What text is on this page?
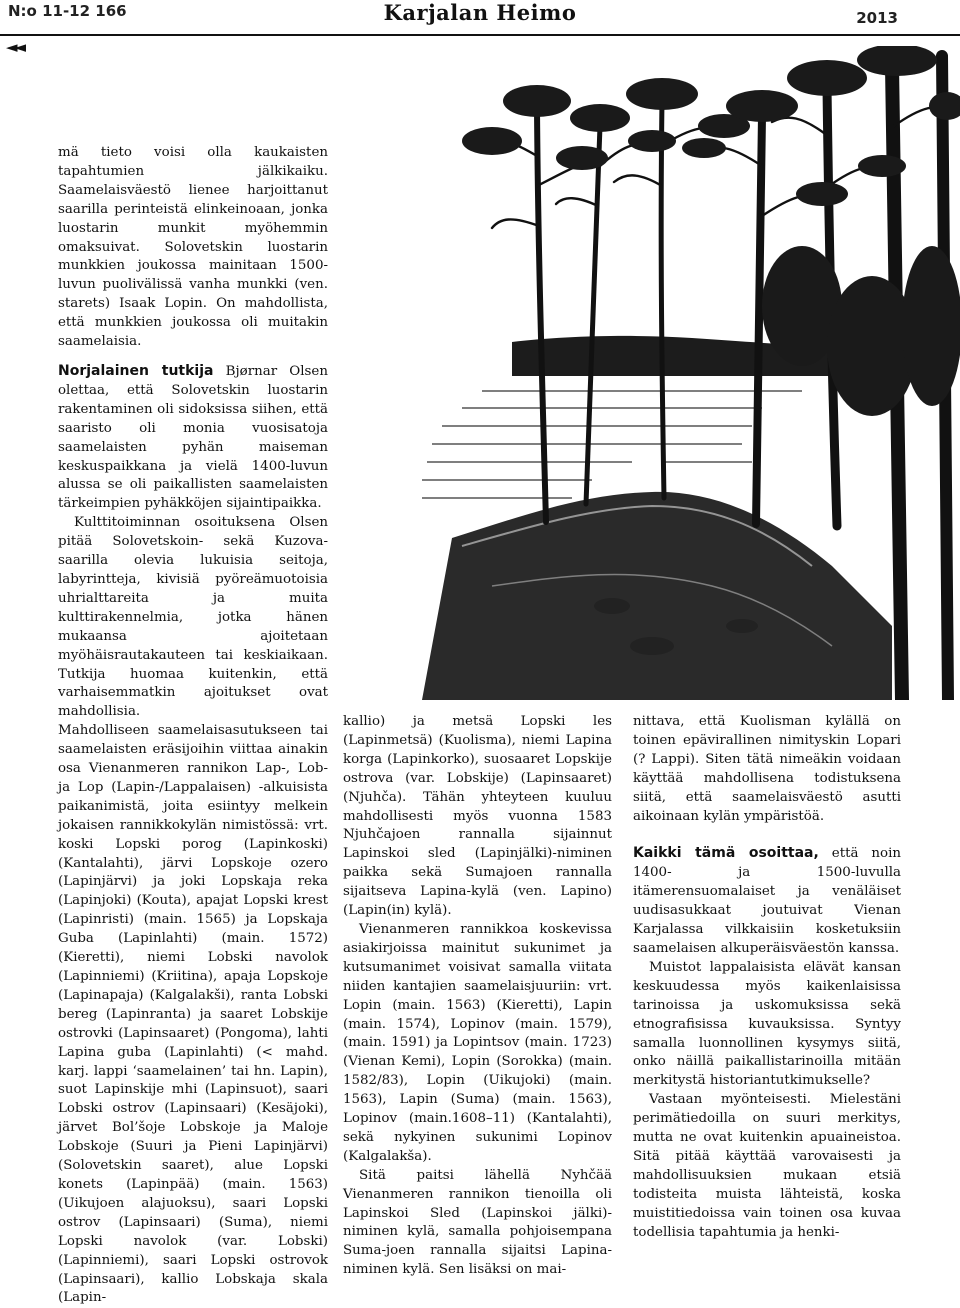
N:o 11-12 166	Karjalan Heimo	2013
◄◄

mä tieto voisi olla kaukaisten tapahtumien jälkikaiku. Saamelaisväestö lienee harjoittanut saarilla perinteistä elinkeinoaan, jonka luostarin munkit myöhemmin omaksuivat. Solovetskin luostarin munkkien joukossa mainitaan 1500-luvun puolivälissä vanha munkki (ven. starets) Isaak Lopin. On mahdollista, että munkkien joukossa oli muitakin saamelaisia.

Norjalainen tutkija Bjørnar Olsen olettaa, että Solovetskin luostarin rakentaminen oli sidoksissa siihen, että saaristo oli monia vuosisatoja saamelaisten pyhän maiseman keskuspaikkana ja vielä 1400-luvun alussa se oli paikallisten saamelaisten tärkeimpien pyhäkköjen sijaintipaikka.

Kulttitoiminnan osoituksena Olsen pitää Solovetskoin- sekä Kuzova-saarilla olevia lukuisia seitoja, labyrintteja, kivisiä pyöreämuotoisia uhrialttareita ja muita kulttirakennelmia, jotka hänen mukaansa ajoitetaan myöhäisrautakauteen tai keskiaikaan. Tutkija huomaa kuitenkin, että varhaisemmatkin ajoitukset ovat mahdollisia.

Mahdolliseen saamelaisasutukseen tai saamelaisten eräsijoihin viittaa ainakin osa Vienanmeren rannikon Lap-, Lob- ja Lop (Lapin-/Lappalaisen) -alkuisista paikanimistä, joita esiintyy melkein jokaisen rannikkokylän nimistössä: vrt. koski Lopski porog (Lapinkoski) (Kantalahti), järvi Lopskoje ozero (Lapinjärvi) ja joki Lopskaja reka (Lapinjoki) (Kouta), apajat Lopski krest (Lapinristi) (main. 1565) ja Lopskaja Guba (Lapinlahti) (main. 1572) (Kieretti), niemi Lobski navolok (Lapinniemi) (Kriitina), apaja Lopskoje (Lapinapaja) (Kalgalakši), ranta Lobski bereg (Lapinranta) ja saaret Lobskije ostrovki (Lapinsaaret) (Pongoma), lahti Lapina guba (Lapinlahti) (< mahd. karj. lappi ‘saamelainen’ tai hn. Lapin), suot Lapinskije mhi (Lapinsuot), saari Lobski ostrov (Lapinsaari) (Kesäjoki), järvet Bol’šoje Lobskoje ja Maloje Lobskoje (Suuri ja Pieni Lapinjärvi) (Solovetskin saaret), alue Lopski konets (Lapinpää) (main. 1563) (Uikujoen alajuoksu), saari Lopski ostrov (Lapinsaari) (Suma), niemi Lopski navolok (var. Lobski) (Lapinniemi), saari Lopski ostrovok (Lapinsaari), kallio Lobskaja skala (Lapin-

kallio) ja metsä Lopski les (Lapinmetsä) (Kuolisma), niemi Lapina korga (Lapinkorko), suosaaret Lopskije ostrova (var. Lobskije) (Lapinsaaret) (Njuhča). Tähän yhteyteen kuuluu mahdollisesti myös vuonna 1583 Njuhčajoen rannalla sijainnut Lapinskoi sled (Lapinjälki)-niminen paikka sekä Sumajoen rannalla sijaitseva Lapina-kylä (ven. Lapino) (Lapin(in) kylä).

Vienanmeren rannikkoa koskevissa asiakirjoissa mainitut sukunimet ja kutsumanimet voisivat samalla viitata niiden kantajien saamelaisjuuriin: vrt. Lopin (main. 1563) (Kieretti), Lapin (main. 1574), Lopinov (main. 1579), (main. 1591) ja Lopintsov (main. 1723) (Vienan Kemi), Lopin (Sorokka) (main. 1582/83), Lopin (Uikujoki) (main. 1563), Lapin (Suma) (main. 1563), Lopinov (main.1608–11) (Kantalahti), sekä nykyinen sukunimi Lopinov (Kalgalakša).

Sitä paitsi lähellä Nyhčää Vienanmeren rannikon tienoilla oli Lapinskoi Sled (Lapinskoi jälki)-niminen kylä, samalla pohjoisempana Suma-joen rannalla sijaitsi Lapina-niminen kylä. Sen lisäksi on mai-

nittava, että Kuolisman kylällä on toinen epävirallinen nimityskin Lopari (? Lappi). Siten tätä nimeäkin voidaan käyttää mahdollisena todistuksena siitä, että saamelaisväestö asutti aikoinaan kylän ympäristöä.

Kaikki tämä osoittaa, että noin 1400- ja 1500-luvulla itämerensuomalaiset ja venäläiset uudisasukkaat joutuivat Vienan Karjalassa vilkkaisiin kosketuksiin saamelaisen alkuperäisväestön kanssa.

Muistot lappalaisista elävät kansan keskuudessa myös kaikenlaisissa tarinoissa ja uskomuksissa sekä etnografisissa kuvauksissa. Syntyy samalla luonnollinen kysymys siitä, onko näillä paikallistarinoilla mitään merkitystä historiantutkimukselle?

Vastaan myönteisesti. Mielestäni perimätiedoilla on suuri merkitys, mutta ne ovat kuitenkin apuaineistoa. Sitä pitää käyttää varovaisesti ja mahdollisuuksien mukaan etsiä todisteita muista lähteistä, koska muistitiedoissa vain toinen osa kuvaa todellisia tapahtumia ja henki-
